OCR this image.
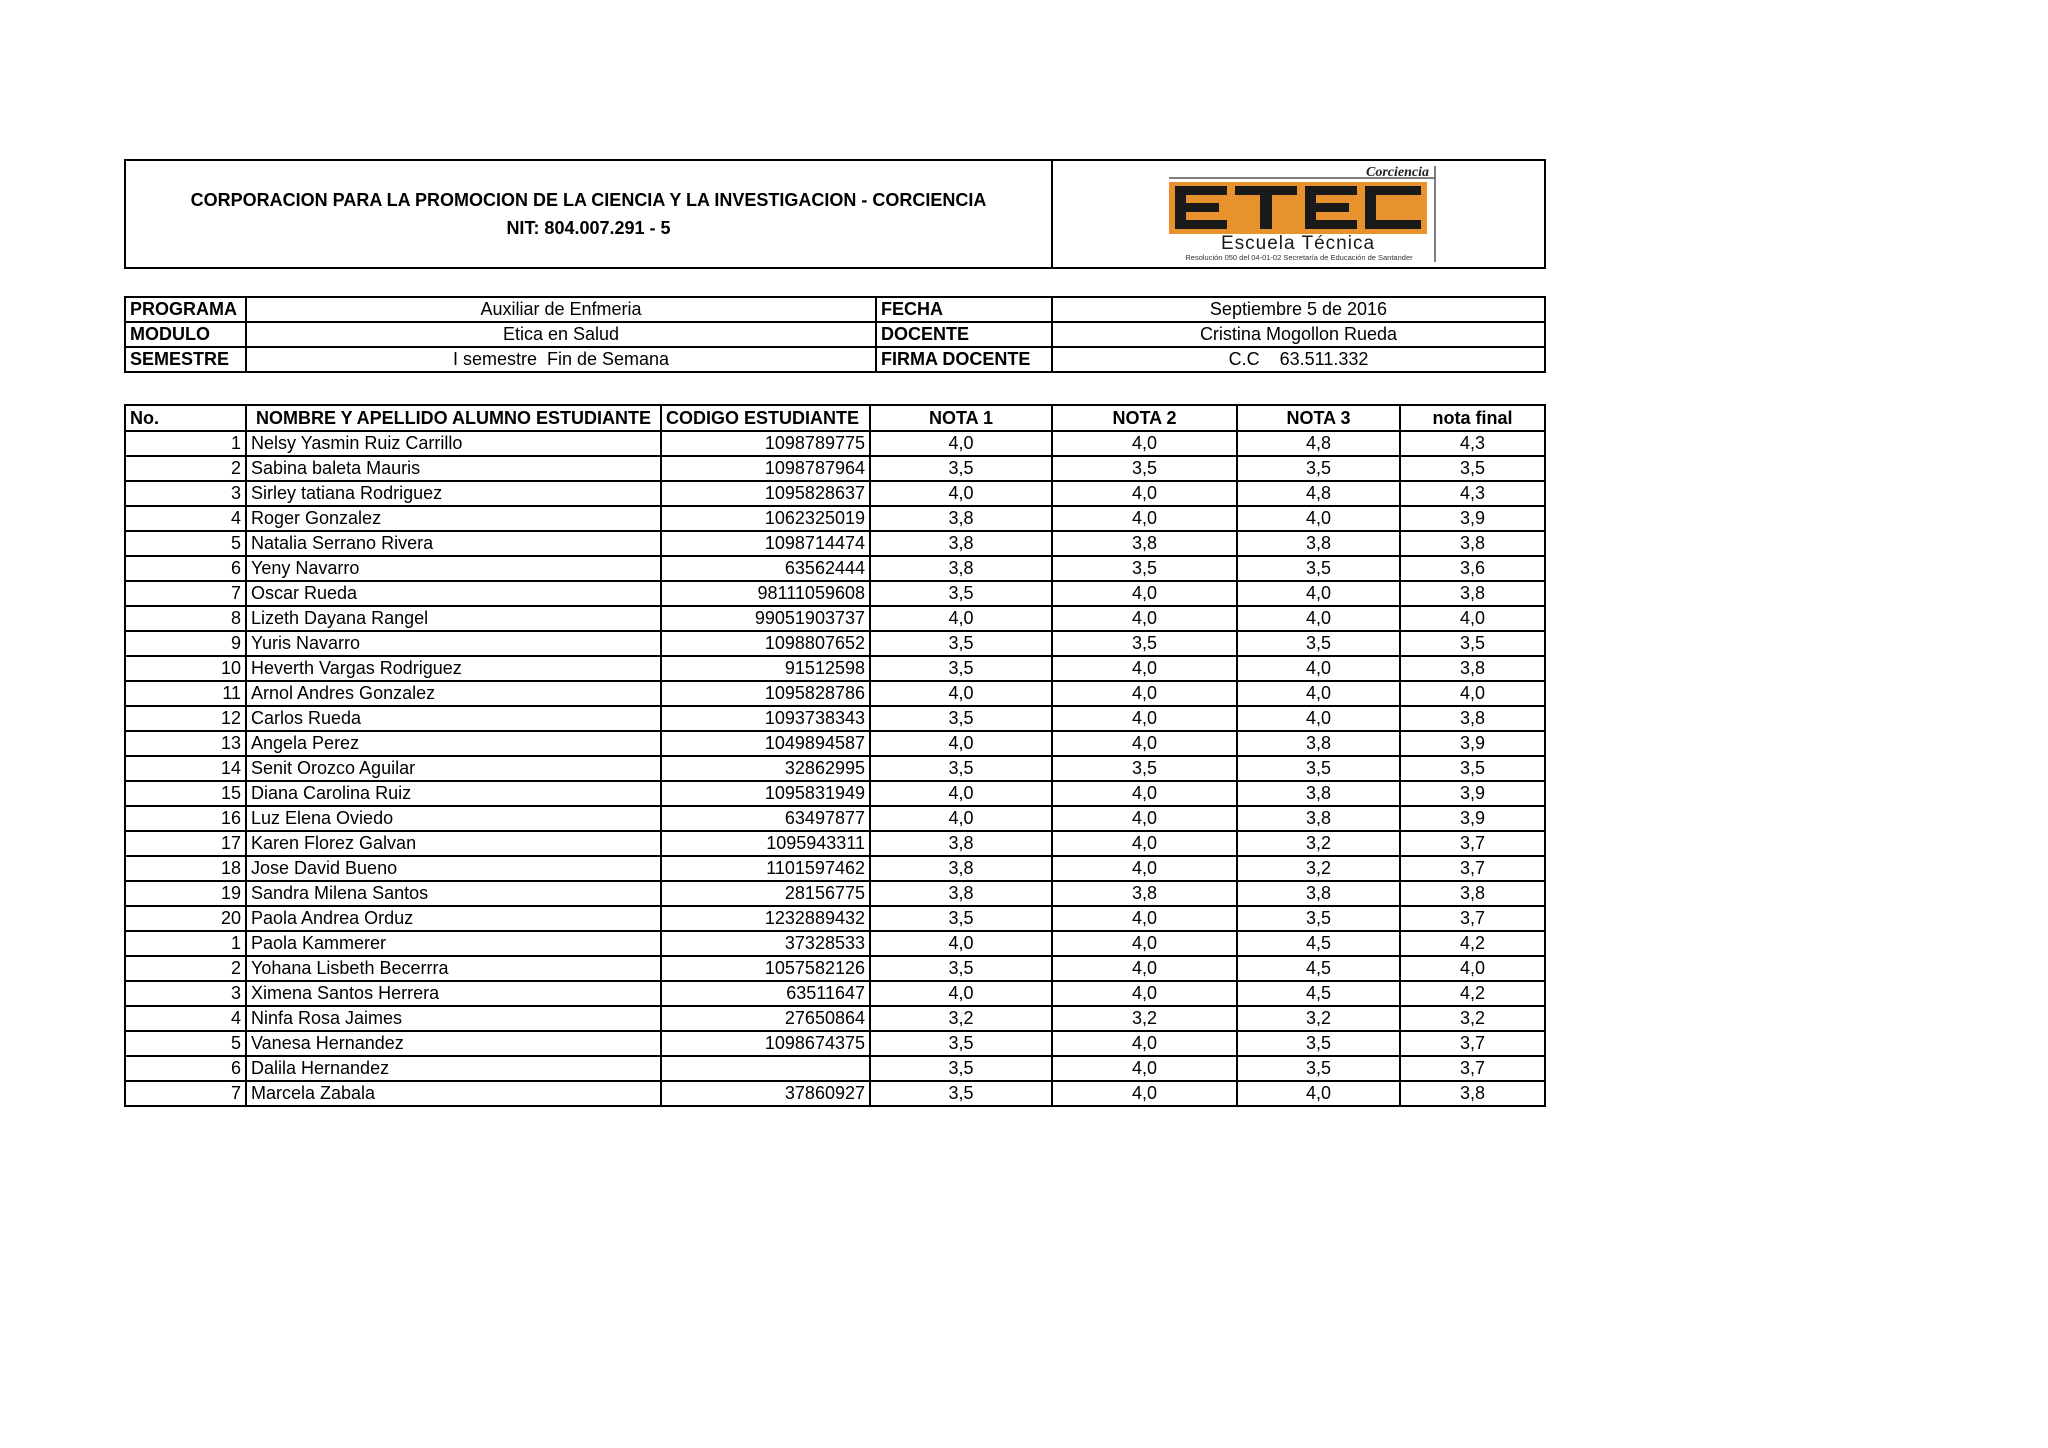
CORPORACION PARA LA PROMOCION DE LA CIENCIA Y LA INVESTIGACION - CORCIENCIA
NIT: 804.007.291 - 5

Corciencia
Escuela Técnica
Resolución 050 del 04-01-02 Secretaría de Educación de Santander
PROGRAMA	Auxiliar de Enfmeria	FECHA	Septiembre 5 de 2016
MODULO	Etica en Salud	DOCENTE	Cristina Mogollon Rueda
SEMESTRE	I semestre  Fin de Semana	FIRMA DOCENTE	C.C    63.511.332
No.	NOMBRE Y APELLIDO ALUMNO ESTUDIANTE	CODIGO ESTUDIANTE	NOTA 1	NOTA 2	NOTA 3	nota final
1	Nelsy Yasmin Ruiz Carrillo	1098789775	4,0	4,0	4,8	4,3
2	Sabina baleta Mauris	1098787964	3,5	3,5	3,5	3,5
3	Sirley tatiana Rodriguez	1095828637	4,0	4,0	4,8	4,3
4	Roger Gonzalez	1062325019	3,8	4,0	4,0	3,9
5	Natalia Serrano Rivera	1098714474	3,8	3,8	3,8	3,8
6	Yeny Navarro	63562444	3,8	3,5	3,5	3,6
7	Oscar Rueda	98111059608	3,5	4,0	4,0	3,8
8	Lizeth Dayana Rangel	99051903737	4,0	4,0	4,0	4,0
9	Yuris Navarro	1098807652	3,5	3,5	3,5	3,5
10	Heverth Vargas Rodriguez	91512598	3,5	4,0	4,0	3,8
11	Arnol Andres Gonzalez	1095828786	4,0	4,0	4,0	4,0
12	Carlos Rueda	1093738343	3,5	4,0	4,0	3,8
13	Angela Perez	1049894587	4,0	4,0	3,8	3,9
14	Senit Orozco Aguilar	32862995	3,5	3,5	3,5	3,5
15	Diana Carolina Ruiz	1095831949	4,0	4,0	3,8	3,9
16	Luz Elena Oviedo	63497877	4,0	4,0	3,8	3,9
17	Karen Florez Galvan	1095943311	3,8	4,0	3,2	3,7
18	Jose David Bueno	1101597462	3,8	4,0	3,2	3,7
19	Sandra Milena Santos	28156775	3,8	3,8	3,8	3,8
20	Paola Andrea Orduz	1232889432	3,5	4,0	3,5	3,7
1	Paola Kammerer	37328533	4,0	4,0	4,5	4,2
2	Yohana Lisbeth Becerrra	1057582126	3,5	4,0	4,5	4,0
3	Ximena Santos Herrera	63511647	4,0	4,0	4,5	4,2
4	Ninfa Rosa Jaimes	27650864	3,2	3,2	3,2	3,2
5	Vanesa Hernandez	1098674375	3,5	4,0	3,5	3,7
6	Dalila Hernandez		3,5	4,0	3,5	3,7
7	Marcela Zabala	37860927	3,5	4,0	4,0	3,8
